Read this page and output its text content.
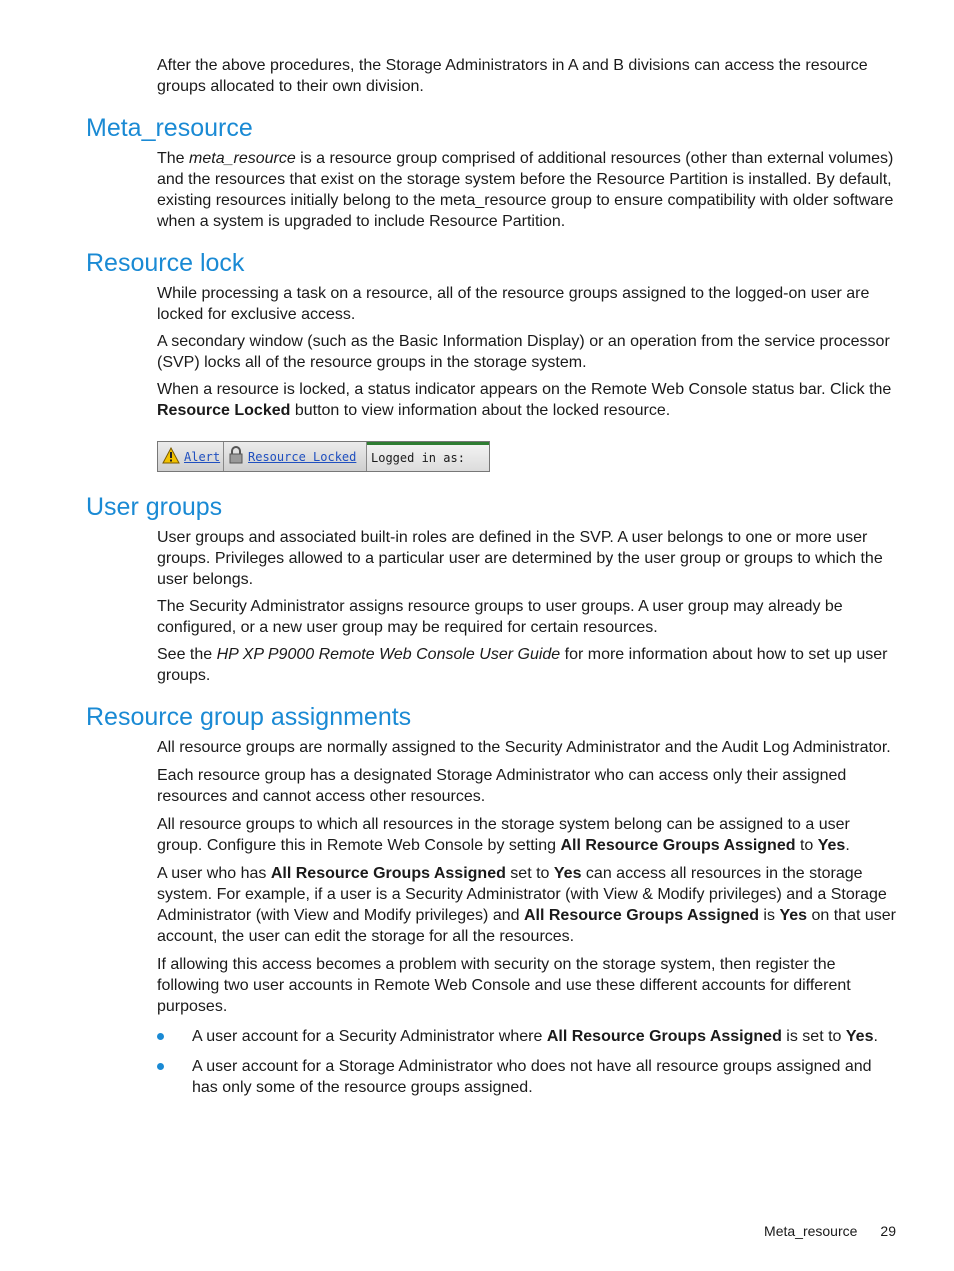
After the above procedures, the Storage Administrators in A and B divisions can access the resource groups allocated to their own division.

Meta_resource

The meta_resource is a resource group comprised of additional resources (other than external volumes) and the resources that exist on the storage system before the Resource Partition is installed. By default, existing resources initially belong to the meta_resource group to ensure compatibility with older software when a system is upgraded to include Resource Partition.

Resource lock

While processing a task on a resource, all of the resource groups assigned to the logged-on user are locked for exclusive access.

A secondary window (such as the Basic Information Display) or an operation from the service processor (SVP) locks all of the resource groups in the storage system.

When a resource is locked, a status indicator appears on the Remote Web Console status bar. Click the Resource Locked button to view information about the locked resource.

Alert Resource Locked Logged in as:
User groups

User groups and associated built-in roles are defined in the SVP. A user belongs to one or more user groups. Privileges allowed to a particular user are determined by the user group or groups to which the user belongs.

The Security Administrator assigns resource groups to user groups. A user group may already be configured, or a new user group may be required for certain resources.

See the HP XP P9000 Remote Web Console User Guide for more information about how to set up user groups.

Resource group assignments

All resource groups are normally assigned to the Security Administrator and the Audit Log Administrator.

Each resource group has a designated Storage Administrator who can access only their assigned resources and cannot access other resources.

All resource groups to which all resources in the storage system belong can be assigned to a user group. Configure this in Remote Web Console by setting All Resource Groups Assigned to Yes.

A user who has All Resource Groups Assigned set to Yes can access all resources in the storage system. For example, if a user is a Security Administrator (with View & Modify privileges) and a Storage Administrator (with View and Modify privileges) and All Resource Groups Assigned is Yes on that user account, the user can edit the storage for all the resources.

If allowing this access becomes a problem with security on the storage system, then register the following two user accounts in Remote Web Console and use these different accounts for different purposes.

A user account for a Security Administrator where All Resource Groups Assigned is set to Yes.
A user account for a Storage Administrator who does not have all resource groups assigned and has only some of the resource groups assigned.
Meta_resource 29
